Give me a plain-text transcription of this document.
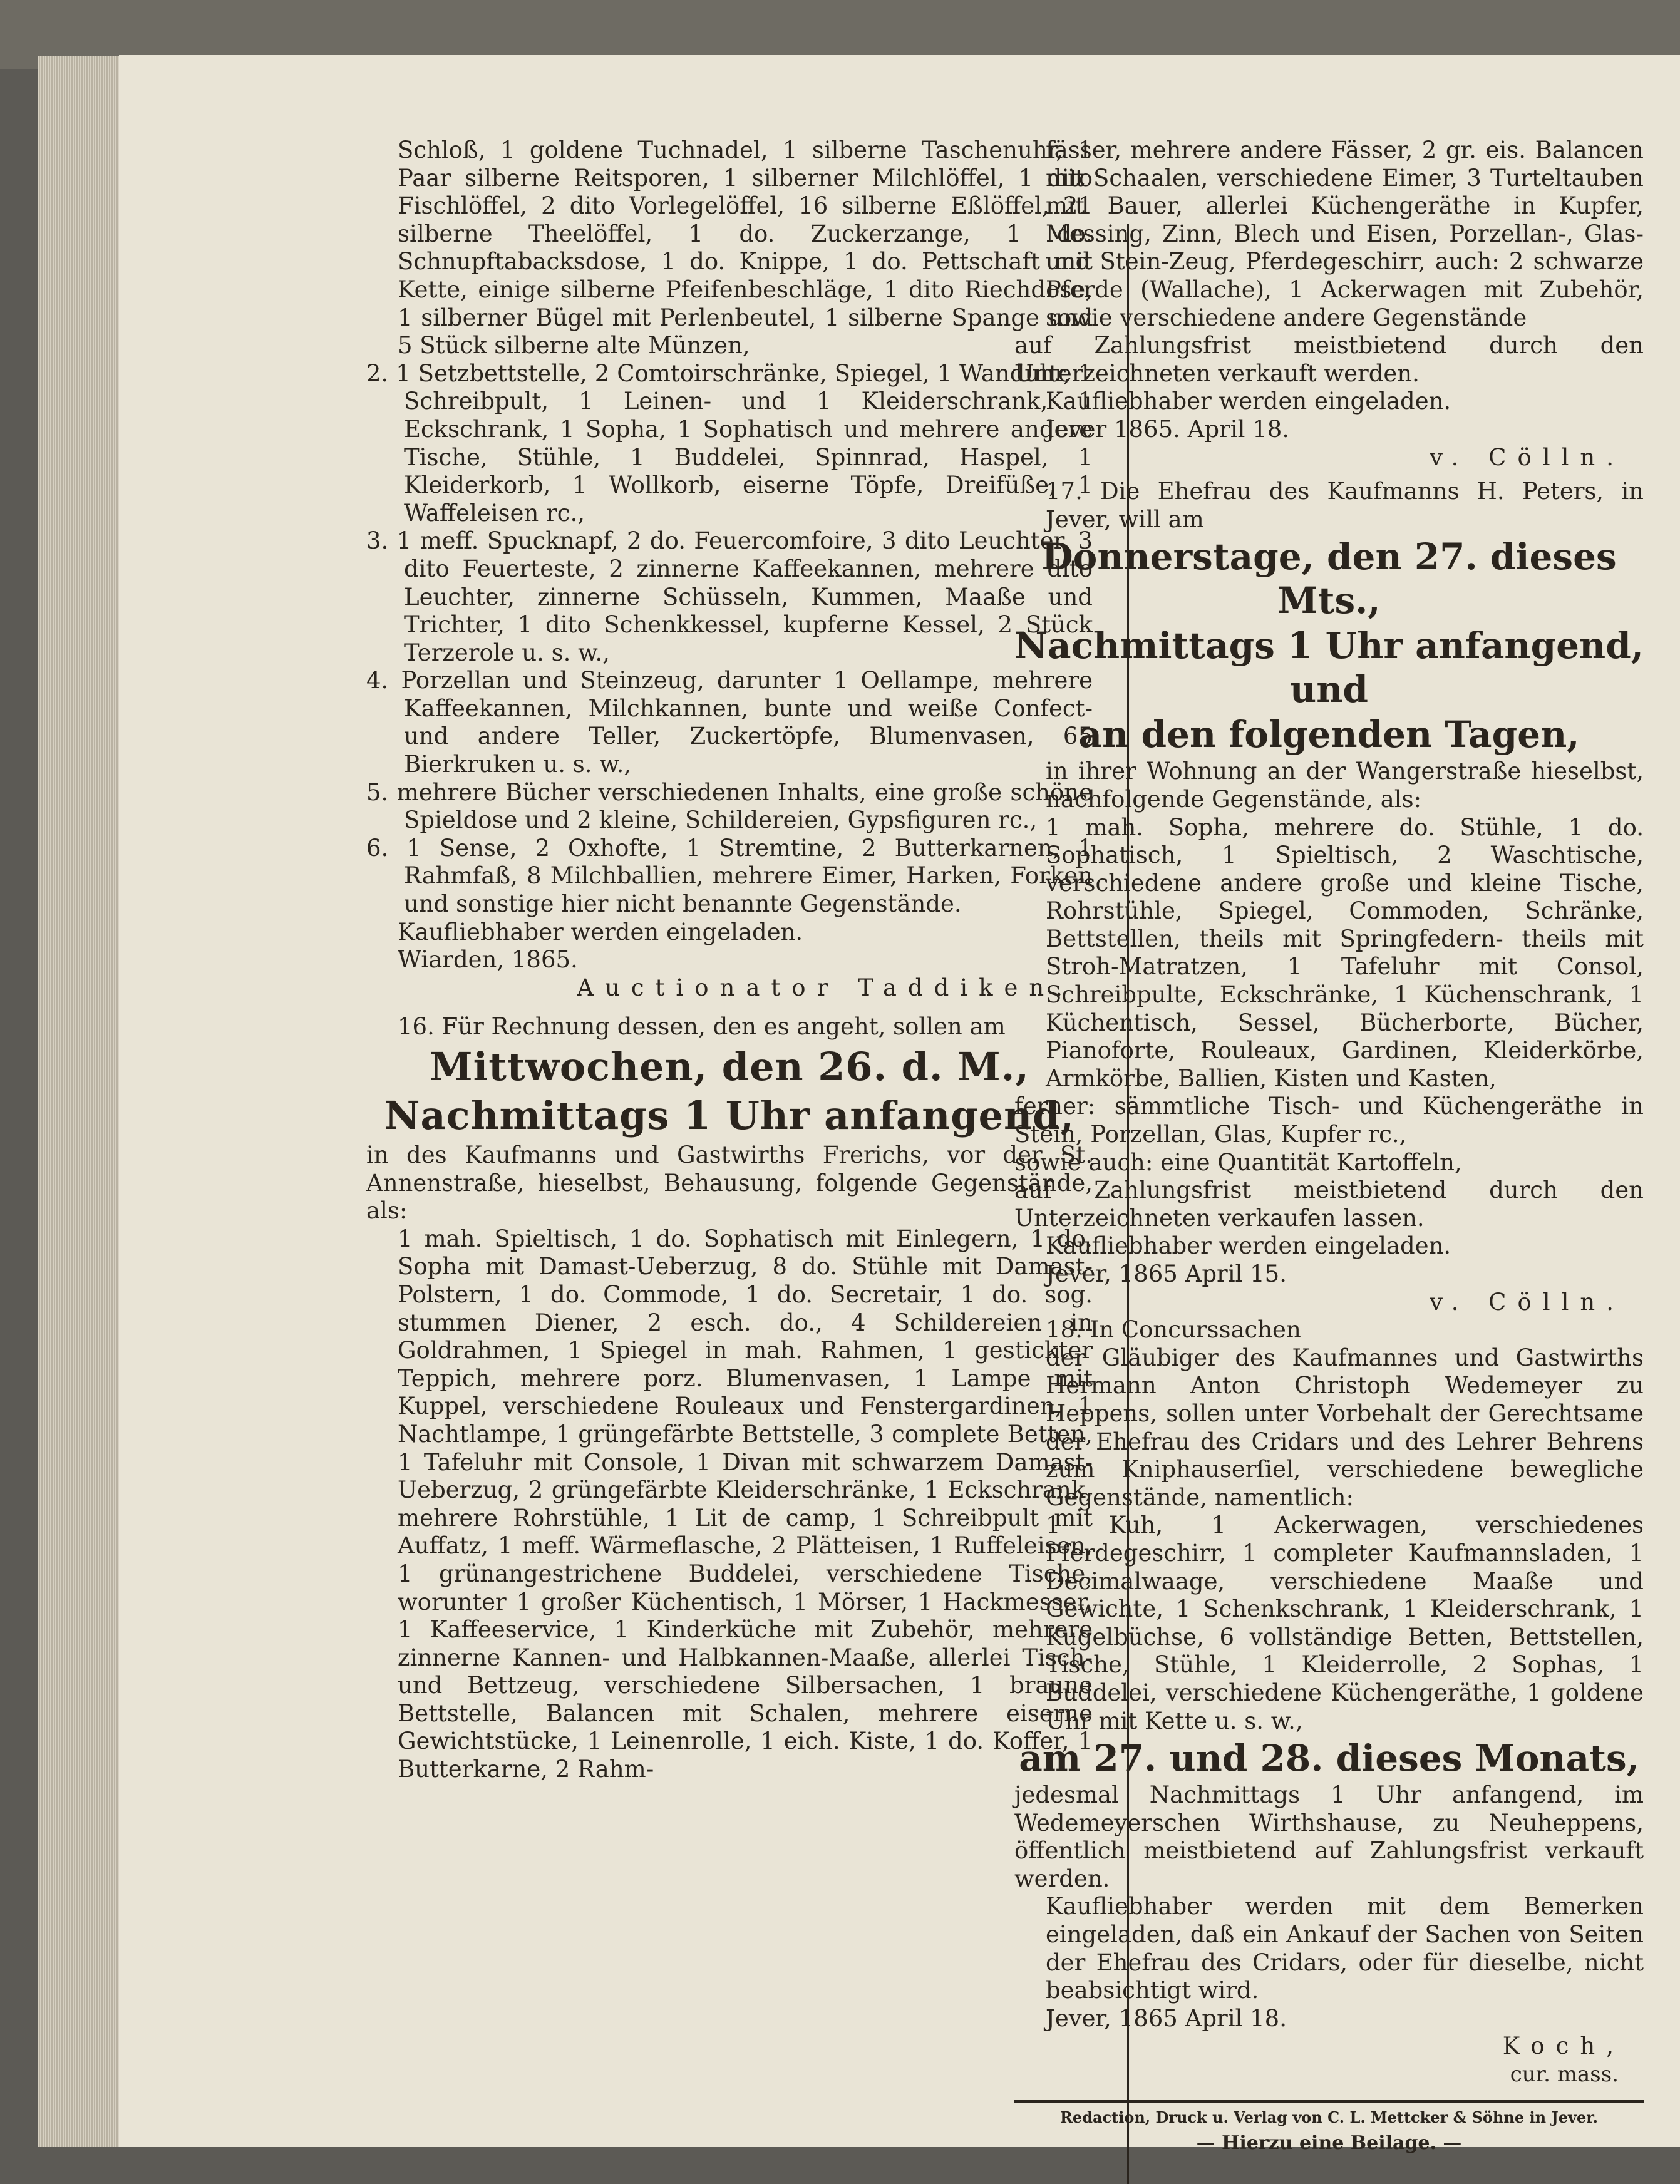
Schloß, 1 goldene Tuchnadel, 1 silberne Taschenuhr, 1 Paar silberne Reitsporen, 1 silberner Milchlöffel, 1 dito Fischlöffel, 2 dito Vorlegelöffel, 16 silberne Eßlöffel, 21 silberne Theelöffel, 1 do. Zuckerzange, 1 do. Schnupftabacksdose, 1 do. Knippe, 1 do. Pettschaft mit Kette, einige silberne Pfeifenbeschläge, 1 dito Riechdose, 1 silberner Bügel mit Perlenbeutel, 1 silberne Spange und 5 Stück silberne alte Münzen,

2. 1 Setzbettstelle, 2 Comtoirschränke, Spiegel, 1 Wanduhr, 1 Schreibpult, 1 Leinen- und 1 Kleiderschrank, 1 Eckschrank, 1 Sopha, 1 Sophatisch und mehrere andere Tische, Stühle, 1 Buddelei, Spinnrad, Haspel, 1 Kleiderkorb, 1 Wollkorb, eiserne Töpfe, Dreifüße, 1 Waffeleisen rc.,

3. 1 meff. Spucknapf, 2 do. Feuercomfoire, 3 dito Leuchter, 3 dito Feuerteste, 2 zinnerne Kaffeekannen, mehrere dito Leuchter, zinnerne Schüsseln, Kummen, Maaße und Trichter, 1 dito Schenkkessel, kupferne Kessel, 2 Stück Terzerole u. s. w.,

4. Porzellan und Steinzeug, darunter 1 Oellampe, mehrere Kaffeekannen, Milchkannen, bunte und weiße Confect- und andere Teller, Zuckertöpfe, Blumenvasen, 65 Bierkruken u. s. w.,

5. mehrere Bücher verschiedenen Inhalts, eine große schöne Spieldose und 2 kleine, Schildereien, Gypsfiguren rc.,

6. 1 Sense, 2 Oxhofte, 1 Stremtine, 2 Butterkarnen, 1 Rahmfaß, 8 Milchballien, mehrere Eimer, Harken, Forken und sonstige hier nicht benannte Gegenstände.

Kaufliebhaber werden eingeladen.

Wiarden, 1865.

Auctionator Taddiken.

16. Für Rechnung dessen, den es angeht, sollen am

Mittwochen, den 26. d. M.,

Nachmittags 1 Uhr anfangend,

in des Kaufmanns und Gastwirths Frerichs, vor der St. Annenstraße, hieselbst, Behausung, folgende Gegenstände, als:

1 mah. Spieltisch, 1 do. Sophatisch mit Einlegern, 1 do. Sopha mit Damast-Ueberzug, 8 do. Stühle mit Damast-Polstern, 1 do. Commode, 1 do. Secretair, 1 do. sog. stummen Diener, 2 esch. do., 4 Schildereien in Goldrahmen, 1 Spiegel in mah. Rahmen, 1 gestickter Teppich, mehrere porz. Blumenvasen, 1 Lampe mit Kuppel, verschiedene Rouleaux und Fenstergardinen, 1 Nachtlampe, 1 grüngefärbte Bettstelle, 3 complete Betten, 1 Tafeluhr mit Console, 1 Divan mit schwarzem Damast-Ueberzug, 2 grüngefärbte Kleiderschränke, 1 Eckschrank, mehrere Rohrstühle, 1 Lit de camp, 1 Schreibpult mit Auffatz, 1 meff. Wärmeflasche, 2 Plätteisen, 1 Ruffeleisen, 1 grünangestrichene Buddelei, verschiedene Tische, worunter 1 großer Küchentisch, 1 Mörser, 1 Hackmesser, 1 Kaffeeservice, 1 Kinderküche mit Zubehör, mehrere zinnerne Kannen- und Halbkannen-Maaße, allerlei Tisch- und Bettzeug, verschiedene Silbersachen, 1 braune Bettstelle, Balancen mit Schalen, mehrere eiserne Gewichtstücke, 1 Leinenrolle, 1 eich. Kiste, 1 do. Koffer, 1 Butterkarne, 2 Rahm-

fässer, mehrere andere Fässer, 2 gr. eis. Balancen mit Schaalen, verschiedene Eimer, 3 Turteltauben mit Bauer, allerlei Küchengeräthe in Kupfer, Messing, Zinn, Blech und Eisen, Porzellan-, Glas- und Stein-Zeug, Pferdegeschirr, auch: 2 schwarze Pferde (Wallache), 1 Ackerwagen mit Zubehör, sowie verschiedene andere Gegenstände

auf Zahlungsfrist meistbietend durch den Unterzeichneten verkauft werden.

Kaufliebhaber werden eingeladen.

Jever 1865. April 18.

v. Cölln.

17. Die Ehefrau des Kaufmanns H. Peters, in Jever, will am

Donnerstage, den 27. dieses Mts.,

Nachmittags 1 Uhr anfangend, und

an den folgenden Tagen,

in ihrer Wohnung an der Wangerstraße hieselbst, nachfolgende Gegenstände, als:

1 mah. Sopha, mehrere do. Stühle, 1 do. Sophatisch, 1 Spieltisch, 2 Waschtische, verschiedene andere große und kleine Tische, Rohrstühle, Spiegel, Commoden, Schränke, Bettstellen, theils mit Springfedern- theils mit Stroh-Matratzen, 1 Tafeluhr mit Consol, Schreibpulte, Eckschränke, 1 Küchenschrank, 1 Küchentisch, Sessel, Bücherborte, Bücher, Pianoforte, Rouleaux, Gardinen, Kleiderkörbe, Armkörbe, Ballien, Kisten und Kasten,

ferner: sämmtliche Tisch- und Küchengeräthe in Stein, Porzellan, Glas, Kupfer rc.,

sowie auch: eine Quantität Kartoffeln,

auf Zahlungsfrist meistbietend durch den Unterzeichneten verkaufen lassen.

Kaufliebhaber werden eingeladen.

Jever, 1865 April 15.

v. Cölln.

18. In Concurssachen

der Gläubiger des Kaufmannes und Gastwirths Hermann Anton Christoph Wedemeyer zu Heppens, sollen unter Vorbehalt der Gerechtsame der Ehefrau des Cridars und des Lehrer Behrens zum Kniphauserſiel, verschiedene bewegliche Gegenstände, namentlich:

1 Kuh, 1 Ackerwagen, verschiedenes Pferdegeschirr, 1 completer Kaufmannsladen, 1 Decimalwaage, verschiedene Maaße und Gewichte, 1 Schenkschrank, 1 Kleiderschrank, 1 Kugelbüchse, 6 vollständige Betten, Bettstellen, Tische, Stühle, 1 Kleiderrolle, 2 Sophas, 1 Buddelei, verschiedene Küchengeräthe, 1 goldene Uhr mit Kette u. s. w.,

am 27. und 28. dieses Monats,

jedesmal Nachmittags 1 Uhr anfangend, im Wedemeyerschen Wirthshause, zu Neuheppens, öffentlich meistbietend auf Zahlungsfrist verkauft werden.

Kaufliebhaber werden mit dem Bemerken eingeladen, daß ein Ankauf der Sachen von Seiten der Ehefrau des Cridars, oder für dieselbe, nicht beabsichtigt wird.

Jever, 1865 April 18.

Koch,

cur. mass.

Redaction, Druck u. Verlag von C. L. Mettcker & Söhne in Jever.

— Hierzu eine Beilage. —
